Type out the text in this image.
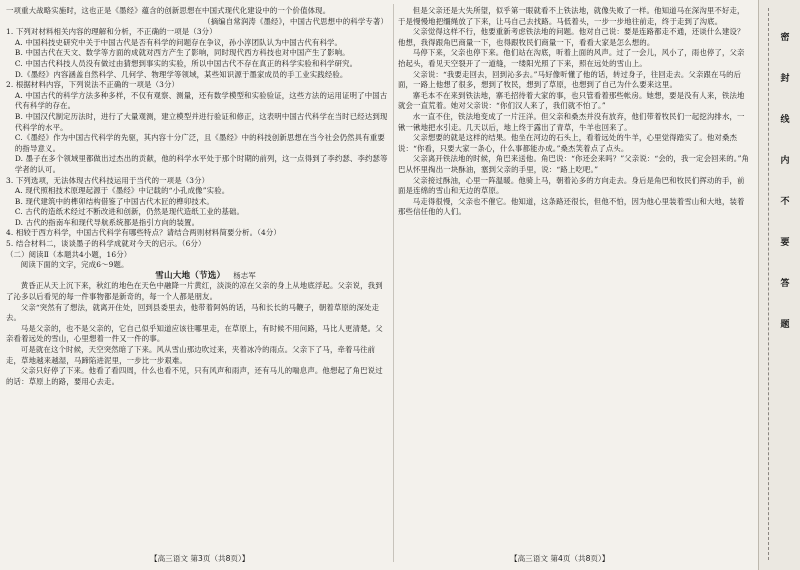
一项重大战略实施时，这也正是《墨经》蕴含的创新思想在中国式现代化建设中的一个价值体现。

（摘编自常润涛《墨经》，中国古代思想中的科学专著）

1. 下列对材料相关内容的理解和分析，不正确的一项是（3分）

A. 中国科技史研究中关于中国古代是否有科学的问题存在争议，孙小淳团队认为中国古代有科学。

B. 中国古代在天文、数学等方面的成就对西方产生了影响，同时现代西方科技也对中国产生了影响。

C. 中国古代科技人员没有做过由猜想到事实的实验，所以中国古代不存在真正的科学实验和科学研究。

D.《墨经》内容涵盖自然科学、几何学、物理学等领域，某些知识源于墨家成员的手工业实践经验。

2. 根据材料内容，下列说法不正确的一项是（3分）

A. 中国古代的科学方法多种多样，不仅有观察、测量，还有数学模型和实验验证，这些方法的运用证明了中国古代有科学的存在。

B. 中国汉代制定历法时，进行了大量观测，建立模型并进行验证和修正，这表明中国古代科学在当时已经达到现代科学的水平。

C.《墨经》作为中国古代科学的先驱，其内容十分广泛，且《墨经》中的科技创新思想在当今社会仍然具有重要的指导意义。

D. 墨子在多个领域里都做出过杰出的贡献，他的科学水平处于那个时期的前列，这一点得到了李约瑟、李约瑟等学者的认可。

3. 下列选项，无法体现古代科技运用于当代的一项是（3分）

A. 现代照相技术原理起源于《墨经》中记载的“小孔成像”实验。

B. 现代建筑中的榫卯结构借鉴了中国古代木匠的榫卯技术。

C. 古代的造纸术经过不断改进和创新，仍然是现代造纸工业的基础。

D. 古代的指南车和现代导航系统都是指引方向的装置。

4. 相较于西方科学，中国古代科学有哪些特点？请结合两则材料简要分析。（4分）

5. 结合材料二，谈谈墨子的科学成就对今天的启示。（6分）

（二）阅读Ⅱ（本题共4小题，16分）

阅读下面的文字，完成6～9题。

雪山大地（节选） 杨志军

黄昏正从天上沉下来，秋红的地色在天色中融降一片黄红，淡淡的凉在父亲的身上从地底浮起。父亲说，我到了沁多以后看见的每一件事物都是新奇的，每一个人都是朋友。

父亲“突然有了想法，就离开住处，回到县委里去，他带着阿妈的话，马和长长的马鞭子，朝着草原的深处走去。

马是父亲的，也不是父亲的，它自己似乎知道应该往哪里走，在草原上，有时候不用问路，马比人更清楚。父亲看着远处的雪山，心里想着一件又一件的事。

可是就在这个时候，天空突然暗了下来。风从雪山那边吹过来，夹着冰冷的雨点。父亲下了马，牵着马往前走，草地越来越湿，马蹄陷进泥里，一步比一步艰难。

父亲只好停了下来。他看了看四周，什么也看不见，只有风声和雨声，还有马儿的喘息声。他想起了角巴说过的话：草原上的路，要用心去走。

但是父亲还是大失所望，似乎第一眼就看不上铁法地，就像失败了一样。他知道马在深沟里不好走，于是慢慢地把缰绳放了下来，让马自己去找路。马低着头，一步一步地往前走，终于走到了沟底。

父亲觉得这样不行，他要重新考虑铁法地的问题。他对自己说：要是连路都走不通，还谈什么建设？他想，我得跟角巴商量一下，也得跟牧民们商量一下，看看大家是怎么想的。

马停下来，父亲也停下来。他们站在沟底，听着上面的风声。过了一会儿，风小了，雨也停了，父亲抬起头，看见天空裂开了一道缝，一缕阳光照了下来，照在远处的雪山上。

父亲说：“我要走回去，回到沁多去。”马好像听懂了他的话，转过身子，往回走去。父亲跟在马的后面，一路上他想了很多，想到了牧民，想到了草原，也想到了自己为什么要来这里。

寨毛本不在来到铁法地，寨毛招待着大家的事，也只管看着那些帐房。她想，要是没有人来，铁法地就会一直荒着。她对父亲说：“你们汉人来了，我们就不怕了。”

水一直不住，铁法地变成了一片汪洋。但父亲和桑杰并没有放弃，他们带着牧民们一起挖沟排水，一锹一锹地把水引走。几天以后，地上终于露出了青草，牛羊也回来了。

父亲想要的就是这样的结果。他坐在河边的石头上，看着远处的牛羊，心里觉得踏实了。他对桑杰说：“你看，只要大家一条心，什么事都能办成。”桑杰笑着点了点头。

父亲离开铁法地的时候，角巴来送他。角巴说：“你还会来吗？”父亲说：“会的，我一定会回来的。”角巴从怀里掏出一块酥油，塞到父亲的手里，说：“路上吃吧。”

父亲接过酥油，心里一阵温暖。他骑上马，朝着沁多的方向走去。身后是角巴和牧民们挥动的手，前面是连绵的雪山和无边的草原。

马走得很慢，父亲也不催它。他知道，这条路还很长，但他不怕，因为他心里装着雪山和大地，装着那些信任他的人们。

【高三语文 第3页（共8页）】	【高三语文 第4页（共8页）】
密
封
线
内
不
要
答
题
